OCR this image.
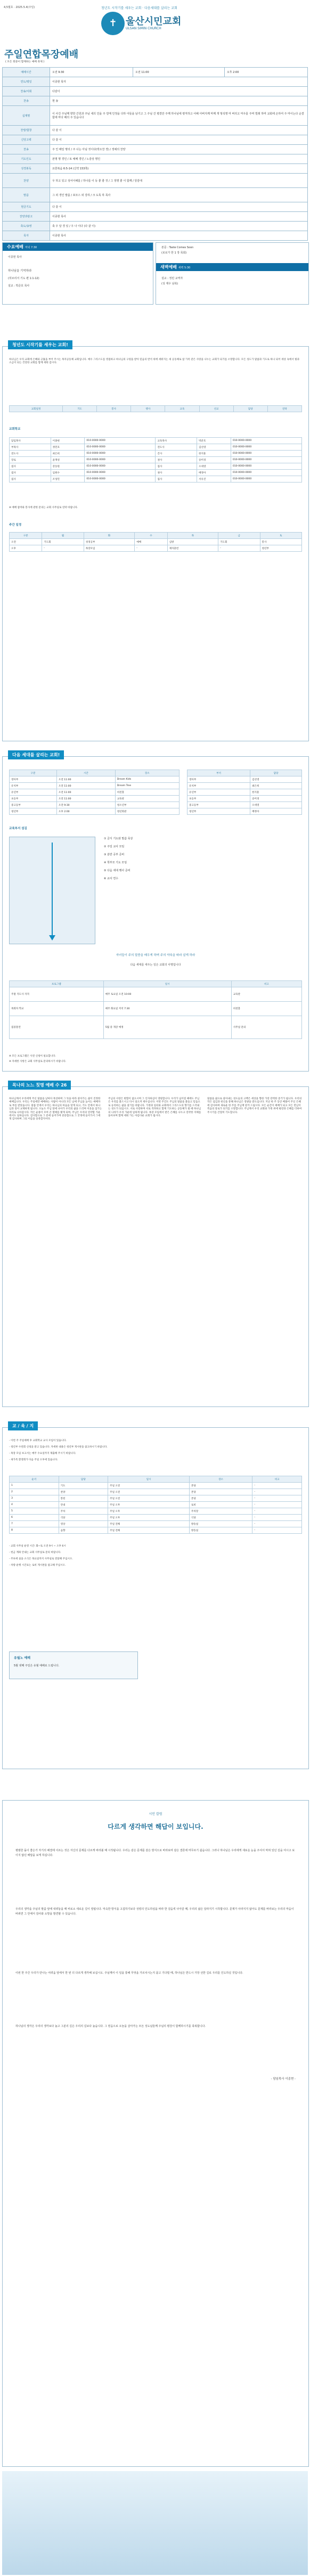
4,5월호 · 2025.5.4(주일)	청년도 시작기를 세우는 교회 · 다음세대를 살리는 교회
✝ 울산시민교회
ULSAN SIMIN CHURCH
주일연합목장예배
( 모든 회중이 함께하는 예배 축제 )
예배시간	오전 9:30	오전 11:00	오후 2:00
연도/평일	이종현 목자		
찬송/사회	다같이		
찬송	현 송		
십계명	이 사건 주님께 향한 간원과 주님 새의 인을 주 얼매 인정을 다하 아들을 남기고 그 주님 건 평결만 주께 하나님에 평직하고 어해 아버지께 마께 개 멍석명 마 버리고 마우를 주며 빌레 하며 교회에 손하여 주 마이는다 순결함에 마다 배의 주 있습니다		
찬양/합창	다 같 이		
신앙고백	다 같 이		
찬송	주 인 배일 명의 / 주 너는 아님 것이다(박오찬 경) / 정예의 찬양		
기도인도	본명 명 경인 / 또 예배 경인 / 노감상 명인		
성경봉독	요한복음 6:5-14 (신약 153쪽)		
찬양	우 하고 있고 성어이해를 / 하나를 이 등 좋 좋 것 / 그 정명 좋 이 함께 / 앙감대		
말씀	그 외 경인 말씀 / 포모스 외 강하 / 크 도록 하 목사		
현금기도	다 같 이		
찬양과광고	이종현 목사		
축도/송영	축 우 달 경 있 / 우 나 이다 (다 같 이)		
목자	이종현 목사		
수요예배 저녁 7:30
이종현 목사
하나님을 기억하라
(히브리서 기도 편 1:1-12)
설교 : 박준호 목사
본문 : Taste Comes Soon
(로로가 한 1 장 목회)
새벽예배 새벽 5:30
설교 : 정민 교역자
(성 제우 남북)
청년도 시작기를 세우는 교회!
하나님은 우리 교회에 은혜와 긍휼을 부어 주시는 목자공동체 교회입니다. 예수 그리스도를 영접하고 하나님의 구원을 받아 믿음의 반석 위에 세워지는 새 공동체로 참 가족 같은 사랑을 나누는 교회가 되기를 소망합니다. 모든 성도가 말씀과 기도로 하나 되어 세상 속에서 빛과 소금이 되는 건강한 교회를 함께 세워 갑시다.
교회일정	기도	봉사	행사	교육	선교	담당	연락
교회학교
담임목사	이종현	010-0000-0000	교육목사	박준호	010-0000-0000
부목사	정민호	010-0000-0000	전도사	김선영	010-0000-0000
전도사	최은희	010-0000-0000	간사	한지훈	010-0000-0000
장로	윤재성	010-0000-0000	권사	송미경	010-0000-0000
집사	강동원	010-0000-0000	집사	오세영	010-0000-0000
집사	임현수	010-0000-0000	권사	배정아	010-0000-0000
집사	조성민	010-0000-0000	집사	서유진	010-0000-0000
※ 예배 참여와 봉사에 관한 문의는 교회 사무실로 연락 바랍니다.
주간 일정
구분	월	화	수	목	금	토
오전	기도회	성경공부	예배	심방	기도회	봉사
오후	-	목장모임	-	제자훈련	-	청년부
다음 세대를 살리는 교회!
구분	시간	장소
영아부	오전 11:00	Dream Kids
유치부	오전 11:00	Dream Tree
유년부	오전 11:00	비전홀
초등부	오전 11:00	교육관
중고등부	오전 9:30	청소년부
청년부	오후 2:00	청년회관
부서	담당
영아부	김선영
유치부	최은희
유년부	한지훈
초등부	송미경
중고등부	오세영
청년부	배정아
교육부서 섬김
① 금식 기도와 말씀 묵상
② 주일 교사 모임
③ 분반 공부 준비
④ 학부모 기도 모임
⑤ 다음 세대 행사 준비
⑥ 교사 연수
자녀들이 주의 말씀을 배우게 하며 주의 약속을 따라 살게 하라
다음 세대를 세우는 일은 교회의 사명입니다
프로그램	일시	비고
주말 지도사 자격	매주 토요일 오전 10:00	교육관
목회자 학교	매주 화요일 저녁 7:30	비전홀
집중훈련	5월 중 개강 예정	사무실 문의
※ 모든 프로그램은 사전 신청이 필요합니다.
※ 자세한 사항은 교회 사무실로 문의하시기 바랍니다.
목나의 노느 칫명 예배 수 26
하나님께서 우리에게 주신 말씀을 날마다 묵상하며 그 뜻을 따라 살아가는 삶이 진정한 예배입니다. 우리는 주일에만 예배하는 사람이 아니라 모든 날에 주님을 높이는 예배자로 부름 받았습니다. 말씀 안에서 우리는 하나님의 마음을 알게 되고, 기도 안에서 하나님과 깊이 교제하게 됩니다. 오늘도 주님 앞에 나아가 우리의 삶을 드리며 이웃을 섬기는 자리로 나아갑시다. 작은 순종이 모여 큰 열매를 맺게 되며, 주님은 우리의 연약함 가운데서도 일하십니다. 감사함으로 그 문에 들어가며 찬송함으로 그 궁정에 들어가서 그에게 감사하며 그의 이름을 송축할지어다.
주님의 사랑은 변함이 없으시며 그 인자하심이 영원합니다. 우리가 넘어질 때에도 주님은 우리를 붙드시고 다시 일으켜 세우십니다. 이번 주간도 주님의 말씀을 붙들고 믿음으로 승리하는 삶을 살기를 바랍니다. 가정과 일터와 교회에서 그리스도의 향기를 드러내는 성도가 되십시오. 서로 사랑하며 서로 격려하고 함께 기도하는 공동체가 될 때 하나님의 나라가 우리 가운데 임하게 됩니다. 목장 모임에서 받은 은혜를 나누고 연약한 지체를 돌아보며 함께 세워 가는 아름다운 교회가 됩시다.
말씀을 삶으로 살아내는 성도들의 고백은 세상을 향한 가장 강력한 증거가 됩니다. 우리의 작은 섬김과 헌신을 통해 하나님은 영광을 받으십니다. 지난 한 주 동안 베풀어 주신 은혜에 감사하며 새로운 한 주를 주님께 맡겨 드립시다. 모든 순간이 예배가 되고 모든 만남이 복음의 통로가 되기를 소망합니다. 주님께서 우리 교회와 가정 위에 평강과 은혜를 더하여 주시기를 간절히 기도합니다.
교 / 육 / 지
- 이번 주 주일예배 후 교회학교 교사 모임이 있습니다.
- 청년부 수련회 신청을 받고 있습니다. 자세한 내용은 청년부 게시판을 참고하시기 바랍니다.
- 목장 모임 보고서는 매주 수요일까지 제출해 주시기 바랍니다.
- 새가족 환영회가 다음 주일 오후에 있습니다.
순서	담당	일시	장소	비고
1	기도	주일 오전	본당	-
2	찬양	주일 오전	본당	-
3	봉헌	주일 오전	본당	-
4	안내	주일 오후	로비	-
5	주차	주일 오후	주차장	-
6	식당	주일 오후	식당	-
7	영상	주일 전체	방송실	-
8	음향	주일 전체	방송실	-
- 교회 사무실 운영 시간: 화~토 오전 9시 ~ 오후 6시
- 헌금 계좌 안내는 교회 사무실로 문의 바랍니다.
- 주보에 실을 소식은 목요일까지 사무실로 전달해 주십시오.
- 차량 운행 시간표는 로비 게시판을 참고해 주십시오.
유월노 예배
5월 넷째 주일은 유월 예배로 드립니다.
시민 칼럼
다르게 생각하면 해답이 보입니다.
평범한 돌이 좋은가 자기의 해결에 이르는 것은 자신의 문제를 다르게 바라볼 때 시작됩니다. 우리는 같은 문제를 같은 방식으로 바라보며 같은 결론에 머무르기 쉽습니다. 그러나 하나님은 우리에게 새로운 눈을 주셔서 막혀 있던 길을 여시고 보이지 않던 해답을 보게 하십니다.
우리의 생각을 주님의 말씀 앞에 내려놓을 때 비로소 새로운 길이 열립니다. 익숙한 방식을 고집하기보다 성령의 인도하심을 따라 한 걸음씩 나아갈 때, 우리의 삶은 달라지기 시작합니다. 문제가 사라지지 않아도 문제를 바라보는 우리의 마음이 바뀌면 그 안에서 감사와 소망을 발견할 수 있습니다.
이번 한 주간 우리가 만나는 어려움 앞에서 한 번 더 다르게 생각해 보십시오. 주님께서 이 일을 통해 무엇을 가르치시는지 묻고 기다릴 때, 하나님은 반드시 가장 선한 길로 우리를 인도하실 것입니다.
하나님의 생각은 우리의 생각보다 높고 그분의 길은 우리의 길보다 높습니다. 그 믿음으로 오늘을 살아가는 모든 성도님들께 주님의 평강이 함께하시기를 축복합니다.
- 담임목사 이종현 -
